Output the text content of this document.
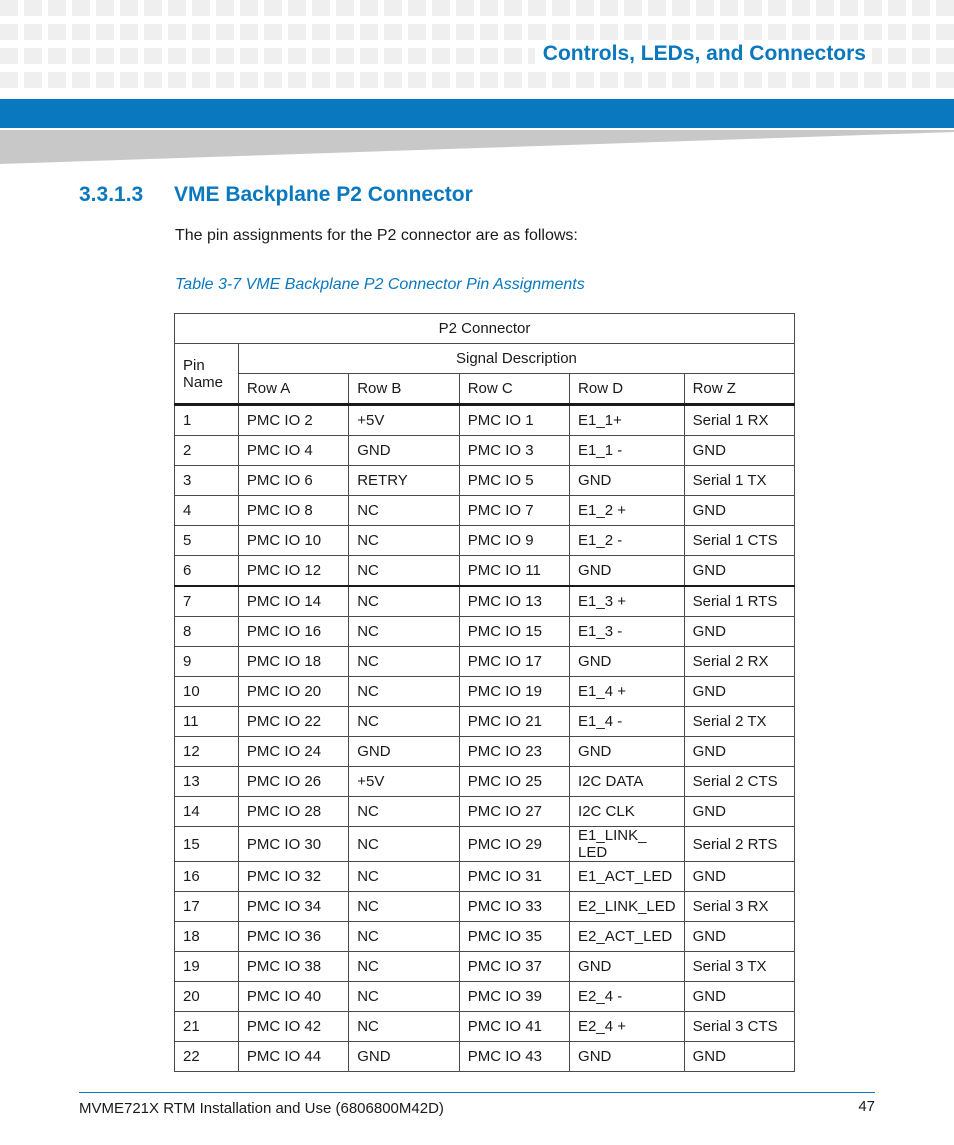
Controls, LEDs, and Connectors
3.3.1.3 VME Backplane P2 Connector
The pin assignments for the P2 connector are as follows:
Table 3-7 VME Backplane P2 Connector Pin Assignments
P2 Connector					
Pin Name	Signal Description				
	Row A	Row B	Row C	Row D	Row Z
1	PMC IO 2	+5V	PMC IO 1	E1_1+	Serial 1 RX
2	PMC IO 4	GND	PMC IO 3	E1_1 -	GND
3	PMC IO 6	RETRY	PMC IO 5	GND	Serial 1 TX
4	PMC IO 8	NC	PMC IO 7	E1_2 +	GND
5	PMC IO 10	NC	PMC IO 9	E1_2 -	Serial 1 CTS
6	PMC IO 12	NC	PMC IO 11	GND	GND
7	PMC IO 14	NC	PMC IO 13	E1_3 +	Serial 1 RTS
8	PMC IO 16	NC	PMC IO 15	E1_3 -	GND
9	PMC IO 18	NC	PMC IO 17	GND	Serial 2 RX
10	PMC IO 20	NC	PMC IO 19	E1_4 +	GND
11	PMC IO 22	NC	PMC IO 21	E1_4 -	Serial 2 TX
12	PMC IO 24	GND	PMC IO 23	GND	GND
13	PMC IO 26	+5V	PMC IO 25	I2C DATA	Serial 2 CTS
14	PMC IO 28	NC	PMC IO 27	I2C CLK	GND
15	PMC IO 30	NC	PMC IO 29	E1_LINK_ LED	Serial 2 RTS
16	PMC IO 32	NC	PMC IO 31	E1_ACT_LED	GND
17	PMC IO 34	NC	PMC IO 33	E2_LINK_LED	Serial 3 RX
18	PMC IO 36	NC	PMC IO 35	E2_ACT_LED	GND
19	PMC IO 38	NC	PMC IO 37	GND	Serial 3 TX
20	PMC IO 40	NC	PMC IO 39	E2_4 -	GND
21	PMC IO 42	NC	PMC IO 41	E2_4 +	Serial 3 CTS
22	PMC IO 44	GND	PMC IO 43	GND	GND
MVME721X RTM Installation and Use (6806800M42D)	47
